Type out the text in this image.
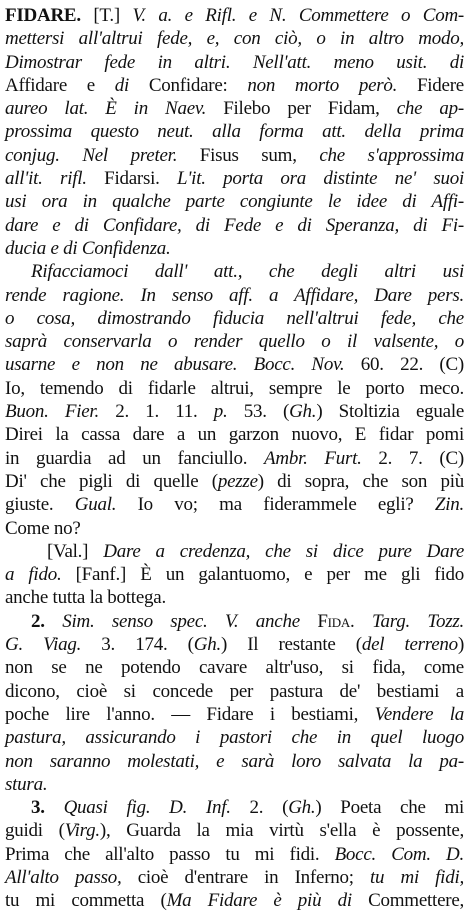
FIDARE. [T.] V. a. e Rifl. e N. Commettere o Com-
mettersi all'altrui fede, e, con ciò, o in altro modo,
Dimostrar fede in altri. Nell'att. meno usit. di
Affidare e di Confidare: non morto però. Fidere
aureo lat. È in Naev. Filebo per Fidam, che ap-
prossima questo neut. alla forma att. della prima
conjug. Nel preter. Fisus sum, che s'approssima
all'it. rifl. Fidarsi. L'it. porta ora distinte ne' suoi
usi ora in qualche parte congiunte le idee di Affi-
dare e di Confidare, di Fede e di Speranza, di Fi-
ducia e di Confidenza.
Rifacciamoci dall' att., che degli altri usi
rende ragione. In senso aff. a Affidare, Dare pers.
o cosa, dimostrando fiducia nell'altrui fede, che
saprà conservarla o render quello o il valsente, o
usarne e non ne abusare. Bocc. Nov. 60. 22. (C)
Io, temendo di fidarle altrui, sempre le porto meco.
Buon. Fier. 2. 1. 11. p. 53. (Gh.) Stoltizia eguale
Direi la cassa dare a un garzon nuovo, E fidar pomi
in guardia ad un fanciullo. Ambr. Furt. 2. 7. (C)
Di' che pigli di quelle (pezze) di sopra, che son più
giuste. Gual. Io vo; ma fiderammele egli? Zin.
Come no?
[Val.] Dare a credenza, che si dice pure Dare
a fido. [Fanf.] È un galantuomo, e per me gli fido
anche tutta la bottega.
2. Sim. senso spec. V. anche Fida. Targ. Tozz.
G. Viag. 3. 174. (Gh.) Il restante (del terreno)
non se ne potendo cavare altr'uso, si fida, come
dicono, cioè si concede per pastura de' bestiami a
poche lire l'anno. — Fidare i bestiami, Vendere la
pastura, assicurando i pastori che in quel luogo
non saranno molestati, e sarà loro salvata la pa-
stura.
3. Quasi fig. D. Inf. 2. (Gh.) Poeta che mi
guidi (Virg.), Guarda la mia virtù s'ella è possente,
Prima che all'alto passo tu mi fidi. Bocc. Com. D.
All'alto passo, cioè d'entrare in Inferno; tu mi fidi,
tu mi commetta (Ma Fidare è più di Commettere,
